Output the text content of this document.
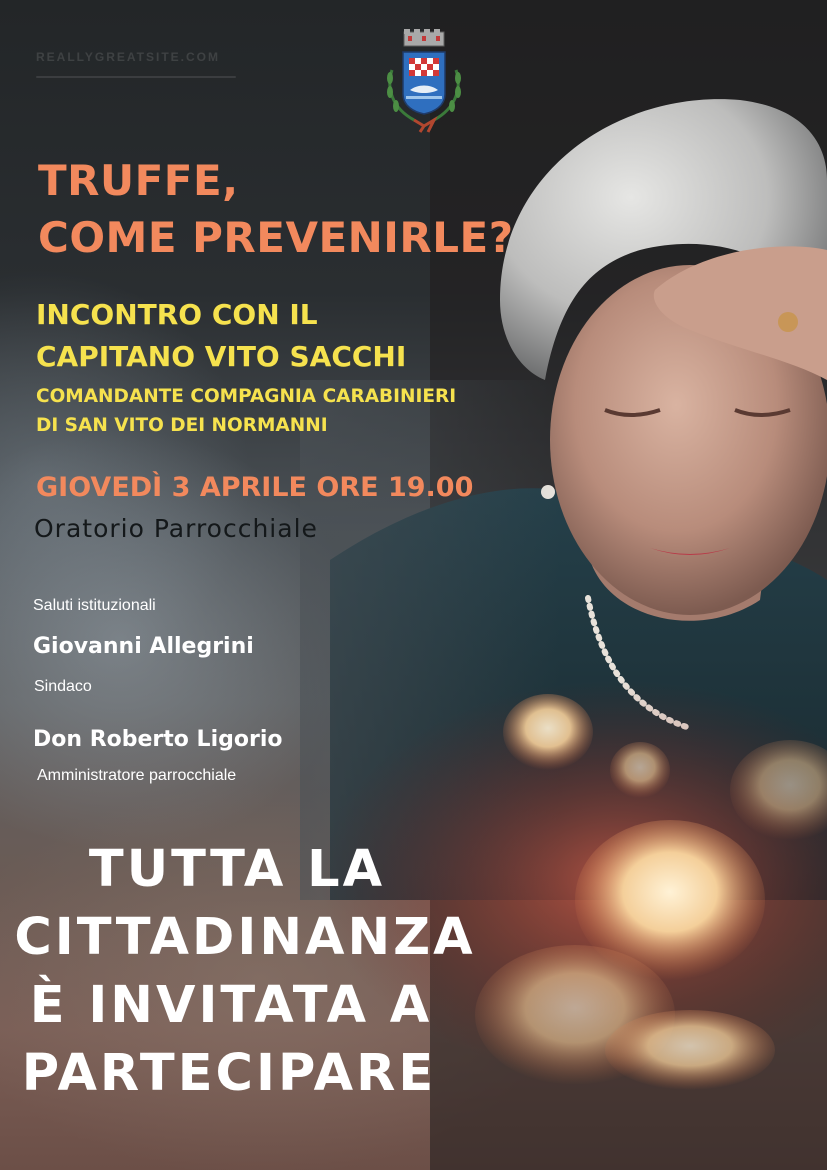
REALLYGREATSITE.COM
TRUFFE,
COME PREVENIRLE?
INCONTRO CON IL
CAPITANO VITO SACCHI

COMANDANTE COMPAGNIA CARABINIERI

DI SAN VITO DEI NORMANNI

GIOVEDÌ 3 APRILE ORE 19.00

Oratorio Parrocchiale

Saluti istituzionali

Giovanni Allegrini

Sindaco

Don Roberto Ligorio

Amministratore parrocchiale

TUTTA LA

CITTADINANZA

È INVITATA A

PARTECIPARE
